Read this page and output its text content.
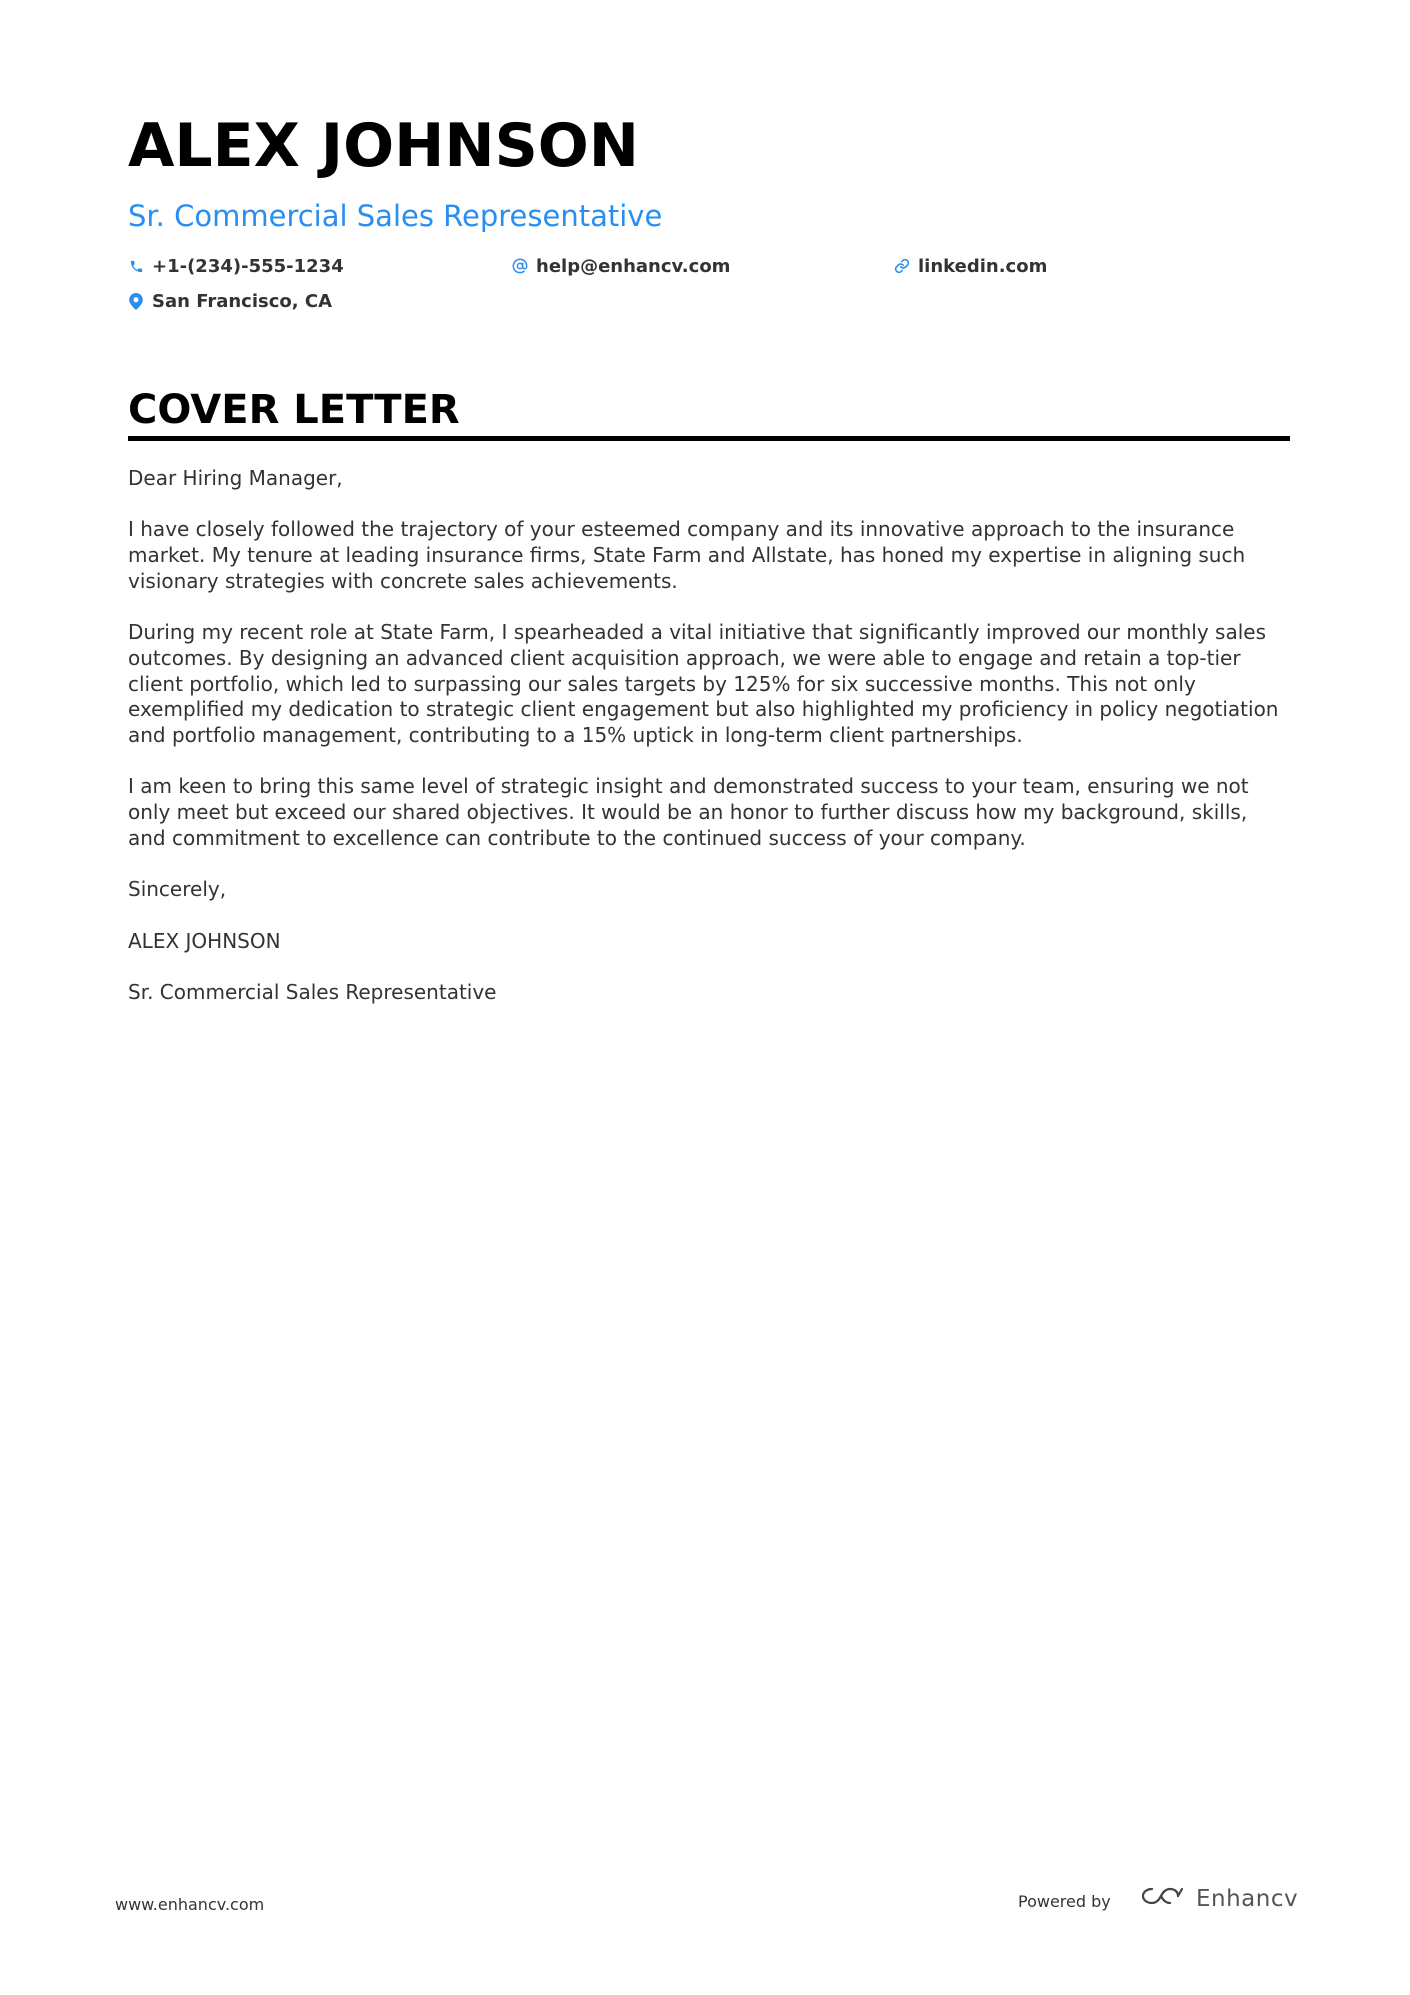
ALEX JOHNSON
Sr. Commercial Sales Representative
+1-(234)-555-1234	help@enhancv.com	linkedin.com
San Francisco, CA
COVER LETTER

Dear Hiring Manager,

I have closely followed the trajectory of your esteemed company and its innovative approach to the insurance market. My tenure at leading insurance firms, State Farm and Allstate, has honed my expertise in aligning such visionary strategies with concrete sales achievements.

During my recent role at State Farm, I spearheaded a vital initiative that significantly improved our monthly sales outcomes. By designing an advanced client acquisition approach, we were able to engage and retain a top-tier client portfolio, which led to surpassing our sales targets by 125% for six successive months. This not only exemplified my dedication to strategic client engagement but also highlighted my proficiency in policy negotiation and portfolio management, contributing to a 15% uptick in long-term client partnerships.

I am keen to bring this same level of strategic insight and demonstrated success to your team, ensuring we not only meet but exceed our shared objectives. It would be an honor to further discuss how my background, skills, and commitment to excellence can contribute to the continued success of your company.

Sincerely,

ALEX JOHNSON

Sr. Commercial Sales Representative

www.enhancv.com	Powered by	Enhancv
